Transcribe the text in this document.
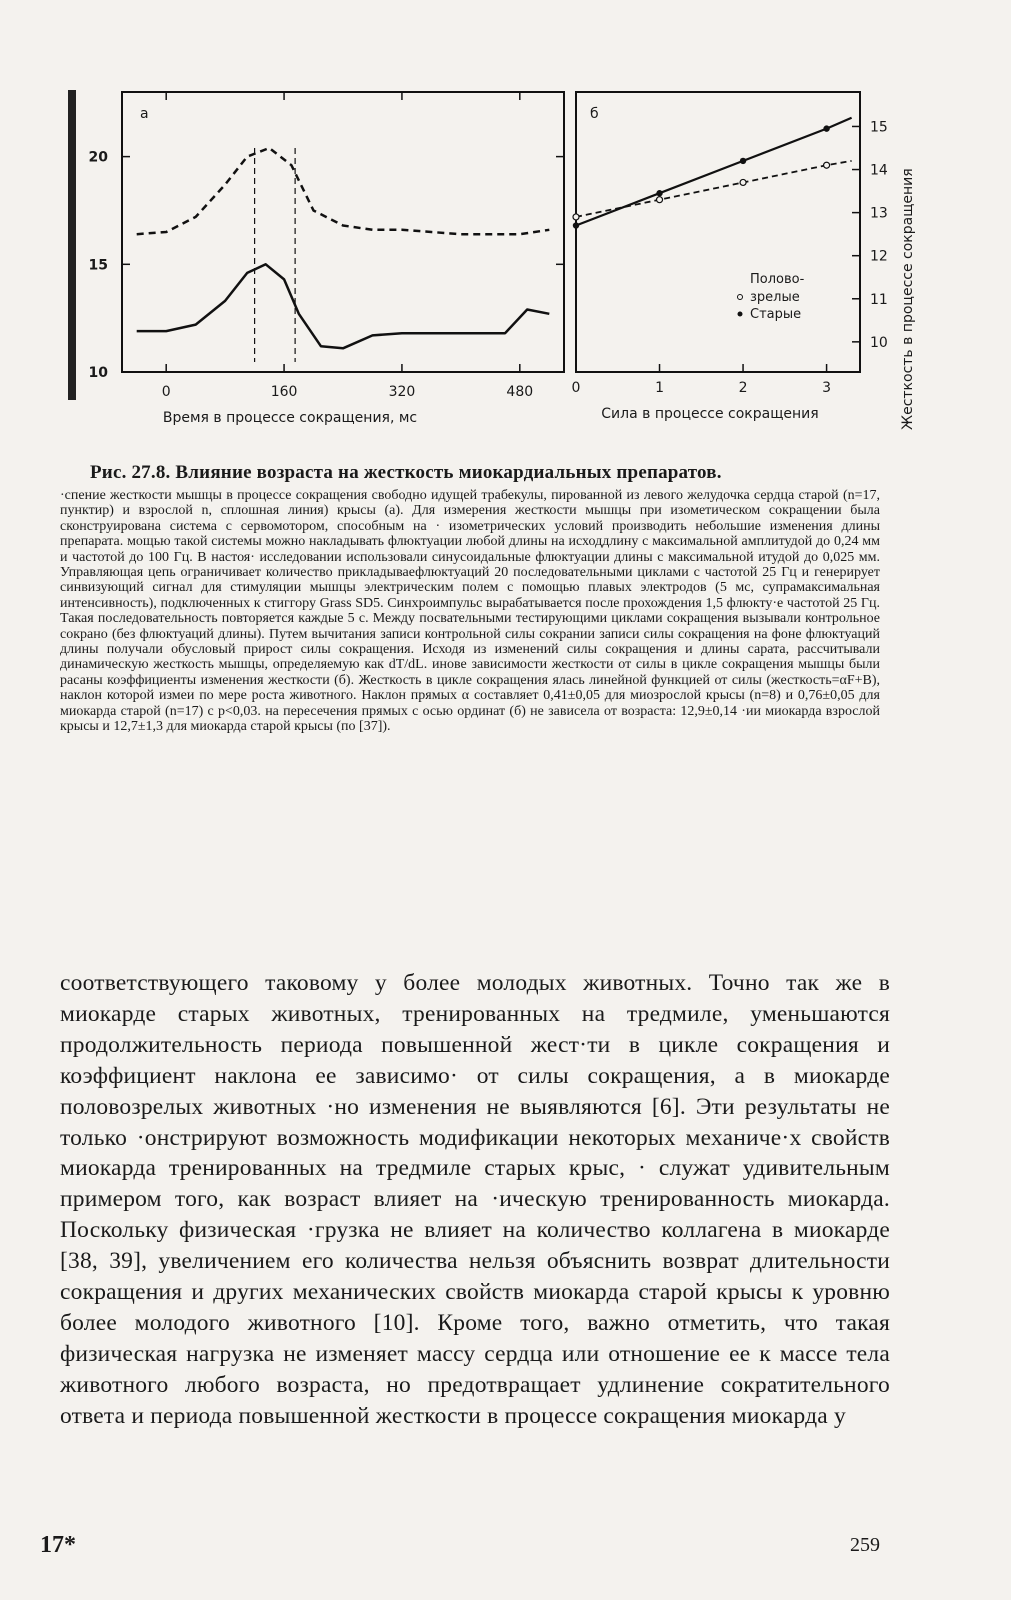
а
0	160	320	480
10
15
20
Время в процессе сокращения, мс
б
0	1	2	3
10
11
12
13
14
15
Сила в процессе сокращения	Жесткость в процессе сокращения
Полово-
зрелые
Старые
Рис. 27.8. Влияние возраста на жесткость миокардиальных препаратов.
·спение жесткости мышцы в процессе сокращения свободно идущей трабекулы, пированной из левого желудочка сердца старой (n=17, пунктир) и взрослой n, сплошная линия) крысы (а). Для измерения жесткости мышцы при изометическом сокращении была сконструирована система с сервомотором, способным на · изометрических условий производить небольшие изменения длины препарата. мощью такой системы можно накладывать флюктуации любой длины на исходдлину с максимальной амплитудой до 0,24 мм и частотой до 100 Гц. В настоя· исследовании использовали синусоидальные флюктуации длины с максимальной итудой до 0,025 мм. Управляющая цепь ограничивает количество прикладываефлюктуаций 20 последовательными циклами с частотой 25 Гц и генерирует синвизующий сигнал для стимуляции мышцы электрическим полем с помощью плавых электродов (5 мс, супрамаксимальная интенсивность), подключенных к стиггору Grass SD5. Синхроимпульс вырабатывается после прохождения 1,5 флюкту·е частотой 25 Гц. Такая последовательность повторяется каждые 5 с. Между посвательными тестирующими циклами сокращения вызывали контрольное сокрано (без флюктуаций длины). Путем вычитания записи контрольной силы сокрании записи силы сокращения на фоне флюктуаций длины получали обусловый прирост силы сокращения. Исходя из изменений силы сокращения и длины сарата, рассчитывали динамическую жесткость мышцы, определяемую как dT/dL. иновe зависимости жесткости от силы в цикле сокращения мышцы были расаны коэффициенты изменения жесткости (б). Жесткость в цикле сокращения ялась линейной функцией от силы (жесткость=αF+B), наклон которой измеи по мере роста животного. Наклон прямых α составляет 0,41±0,05 для миозрослой крысы (n=8) и 0,76±0,05 для миокарда старой (n=17) с p<0,03. на пересечения прямых с осью ординат (б) не зависела от возраста: 12,9±0,14 ·ии миокарда взрослой крысы и 12,7±1,3 для миокарда старой крысы (по [37]).
соответствующего таковому у более молодых животных. Точно так же в миокарде старых животных, тренированных на тредмиле, уменьшаются продолжительность периода повышенной жест·ти в цикле сокращения и коэффициент наклона ее зависимо· от силы сокращения, а в миокарде половозрелых животных ·но изменения не выявляются [6]. Эти результаты не только ·онстрируют возможность модификации некоторых механиче·х свойств миокарда тренированных на тредмиле старых крыс, · служат удивительным примером того, как возраст влияет на ·ическую тренированность миокарда. Поскольку физическая ·грузка не влияет на количество коллагена в миокарде [38, 39], увеличением его количества нельзя объяснить возврат длительности сокращения и других механических свойств миокарда старой крысы к уровню более молодого животного [10]. Кроме того, важно отметить, что такая физическая нагрузка не изменяет массу сердца или отношение ее к массе тела животного любого возраста, но предотвращает удлинение сократительного ответа и периода повышенной жесткости в процессе сокращения миокарда у
17*	259
